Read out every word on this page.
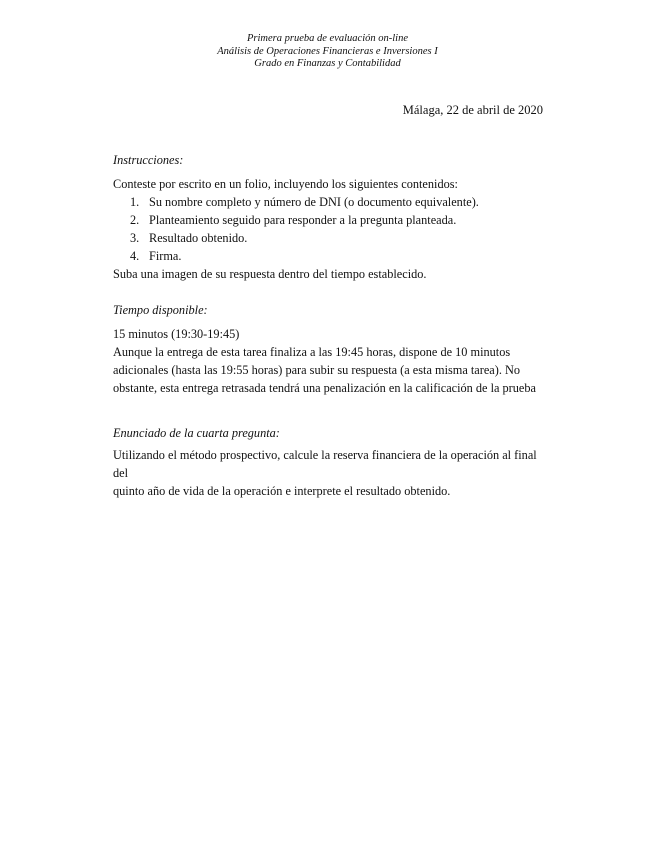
Primera prueba de evaluación on-line
Análisis de Operaciones Financieras e Inversiones I
Grado en Finanzas y Contabilidad
Málaga, 22 de abril de 2020
Instrucciones:

Conteste por escrito en un folio, incluyendo los siguientes contenidos:

1. Su nombre completo y número de DNI (o documento equivalente).
2. Planteamiento seguido para responder a la pregunta planteada.
3. Resultado obtenido.
4. Firma.

Suba una imagen de su respuesta dentro del tiempo establecido.

Tiempo disponible:

15 minutos (19:30-19:45)

Aunque la entrega de esta tarea finaliza a las 19:45 horas, dispone de 10 minutos

adicionales (hasta las 19:55 horas) para subir su respuesta (a esta misma tarea). No

obstante, esta entrega retrasada tendrá una penalización en la calificación de la prueba

Enunciado de la cuarta pregunta:

Utilizando el método prospectivo, calcule la reserva financiera de la operación al final del

quinto año de vida de la operación e interprete el resultado obtenido.
